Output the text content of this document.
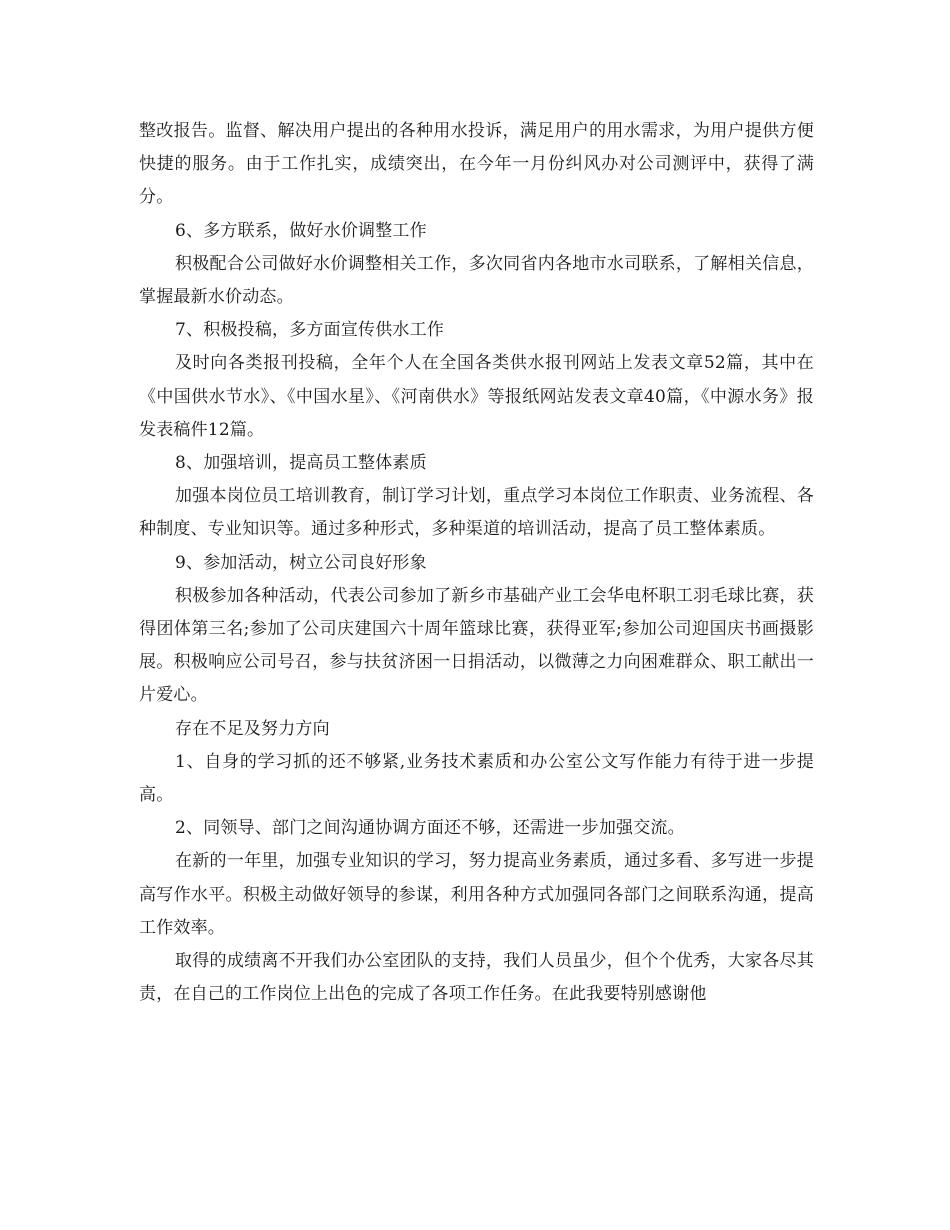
整改报告。监督、解决用户提出的各种用水投诉，满足用户的用水需求，为用户提供方便快捷的服务。由于工作扎实，成绩突出，在今年一月份纠风办对公司测评中，获得了满分。

6、多方联系，做好水价调整工作

积极配合公司做好水价调整相关工作，多次同省内各地市水司联系，了解相关信息，掌握最新水价动态。

7、积极投稿，多方面宣传供水工作

及时向各类报刊投稿，全年个人在全国各类供水报刊网站上发表文章52篇，其中在《中国供水节水》、《中国水星》、《河南供水》等报纸网站发表文章40篇，《中源水务》报发表稿件12篇。

8、加强培训，提高员工整体素质

加强本岗位员工培训教育，制订学习计划，重点学习本岗位工作职责、业务流程、各种制度、专业知识等。通过多种形式，多种渠道的培训活动，提高了员工整体素质。

9、参加活动，树立公司良好形象

积极参加各种活动，代表公司参加了新乡市基础产业工会华电杯职工羽毛球比赛，获得团体第三名;参加了公司庆建国六十周年篮球比赛，获得亚军;参加公司迎国庆书画摄影展。积极响应公司号召，参与扶贫济困一日捐活动，以微薄之力向困难群众、职工献出一片爱心。

存在不足及努力方向

1、自身的学习抓的还不够紧,业务技术素质和办公室公文写作能力有待于进一步提高。

2、同领导、部门之间沟通协调方面还不够，还需进一步加强交流。

在新的一年里，加强专业知识的学习，努力提高业务素质，通过多看、多写进一步提高写作水平。积极主动做好领导的参谋，利用各种方式加强同各部门之间联系沟通，提高工作效率。

取得的成绩离不开我们办公室团队的支持，我们人员虽少，但个个优秀，大家各尽其责，在自己的工作岗位上出色的完成了各项工作任务。在此我要特别感谢他
